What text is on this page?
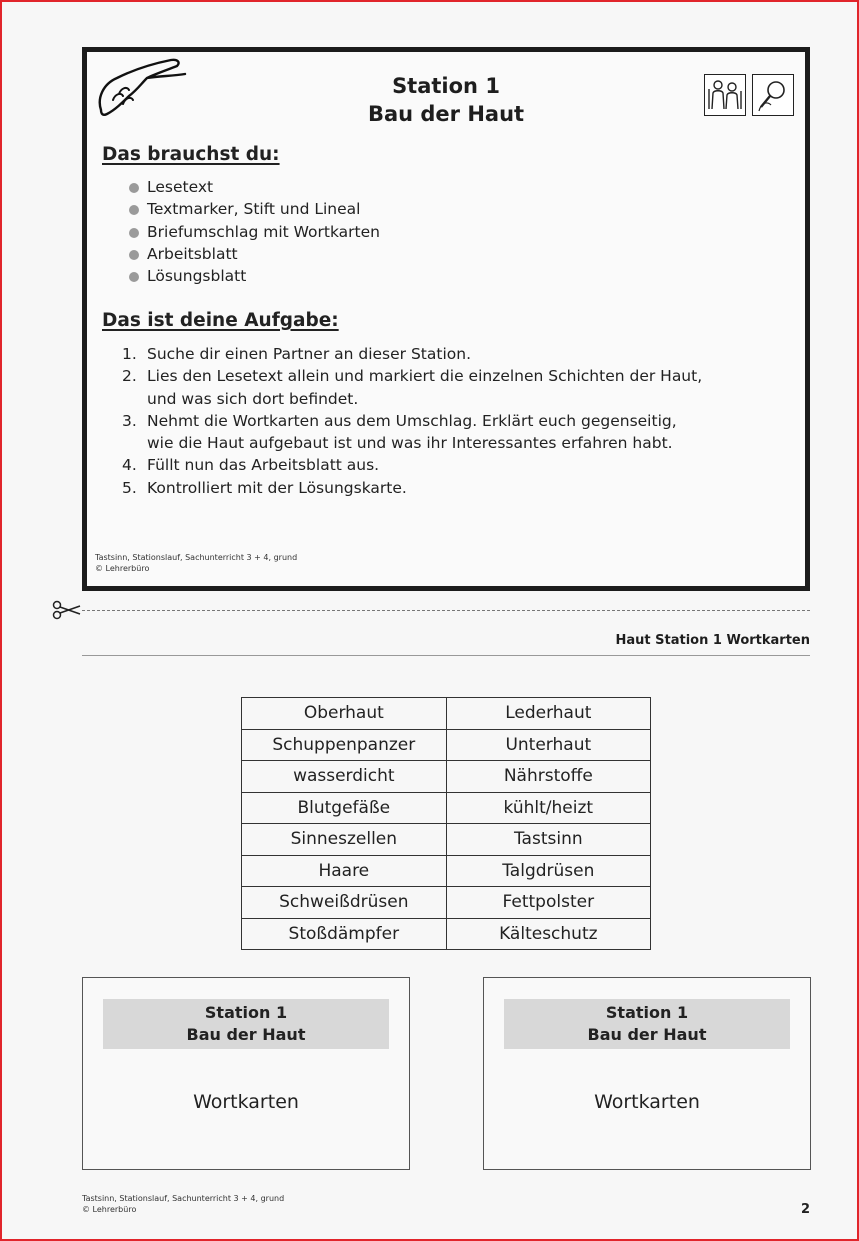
Station 1
Bau der Haut
Das brauchst du:
Lesetext
Textmarker, Stift und Lineal
Briefumschlag mit Wortkarten
Arbeitsblatt
Lösungsblatt
Das ist deine Aufgabe:
1. Suche dir einen Partner an dieser Station.
2. Lies den Lesetext allein und markiert die einzelnen Schichten der Haut,
und was sich dort befindet.
3. Nehmt die Wortkarten aus dem Umschlag. Erklärt euch gegenseitig,
wie die Haut aufgebaut ist und was ihr Interessantes erfahren habt.
4. Füllt nun das Arbeitsblatt aus.
5. Kontrolliert mit der Lösungskarte.
Tastsinn, Stationslauf, Sachunterricht 3 + 4, grund
© Lehrerbüro
Haut Station 1 Wortkarten
Oberhaut	Lederhaut
Schuppenpanzer	Unterhaut
wasserdicht	Nährstoffe
Blutgefäße	kühlt/heizt
Sinneszellen	Tastsinn
Haare	Talgdrüsen
Schweißdrüsen	Fettpolster
Stoßdämpfer	Kälteschutz
Station 1
Bau der Haut
Wortkarten
Station 1
Bau der Haut
Wortkarten
Tastsinn, Stationslauf, Sachunterricht 3 + 4, grund
© Lehrerbüro	2
